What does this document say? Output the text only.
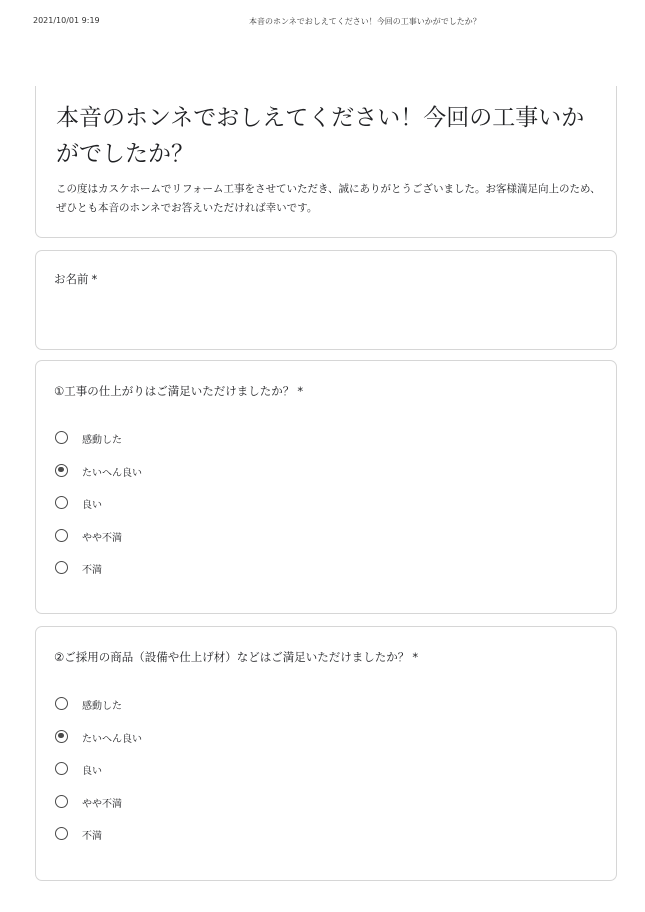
2021/10/01 9:19	本音のホンネでおしえてください！今回の工事いかがでしたか？
本音のホンネでおしえてください！今回の工事いかがでしたか？

この度はカスケホームでリフォーム工事をさせていただき、誠にありがとうございました。お客様満足向上のため、ぜひとも本音のホンネでお答えいただければ幸いです。

お名前 *
①工事の仕上がりはご満足いただけましたか？ *
感動した
たいへん良い
良い
やや不満
不満
②ご採用の商品（設備や仕上げ材）などはご満足いただけましたか？ *
感動した
たいへん良い
良い
やや不満
不満
